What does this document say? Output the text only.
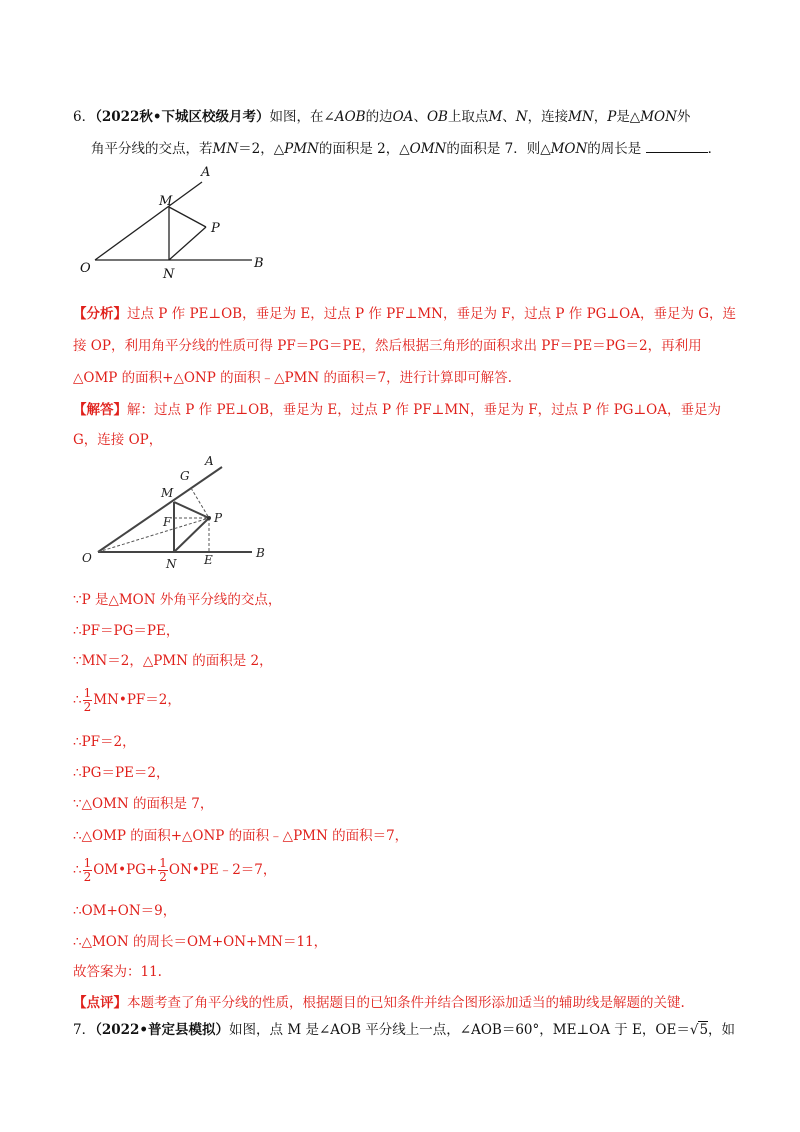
6．（2022秋•下城区校级月考）如图，在∠AOB的边OA、OB上取点M、N，连接MN，P是△MON外
角平分线的交点，若MN＝2，△PMN的面积是 2，△OMN的面积是 7．则△MON的周长是	．
A
M
P
O	N
B
【分析】过点 P 作 PE⊥OB，垂足为 E，过点 P 作 PF⊥MN，垂足为 F，过点 P 作 PG⊥OA，垂足为 G，连
接 OP，利用角平分线的性质可得 PF＝PG＝PE，然后根据三角形的面积求出 PF＝PE＝PG＝2，再利用
△OMP 的面积+△ONP 的面积﹣△PMN 的面积＝7，进行计算即可解答.
【解答】解：过点 P 作 PE⊥OB，垂足为 E，过点 P 作 PF⊥MN，垂足为 F，过点 P 作 PG⊥OA，垂足为
G，连接 OP，
A
G
M
F	P
O	E
N
B
∵P 是△MON 外角平分线的交点，
∴PF＝PG＝PE，
∵MN＝2，△PMN 的面积是 2，
∴ $\frac{1}{2}$ MN•PF＝2，
∴PF＝2，
∴PG＝PE＝2，
∵△OMN 的面积是 7，
∴△OMP 的面积+△ONP 的面积﹣△PMN 的面积＝7，
∴ $\frac{1}{2}$ OM•PG+ $\frac{1}{2}$ ON•PE﹣2＝7，
∴OM+ON＝9，
∴△MON 的周长＝OM+ON+MN＝11，
故答案为：11.
【点评】本题考查了角平分线的性质，根据题目的已知条件并结合图形添加适当的辅助线是解题的关键.
7．（2022•普定县模拟）如图，点 M 是∠AOB 平分线上一点，∠AOB＝60°，ME⊥OA 于 E，OE＝√5，如
